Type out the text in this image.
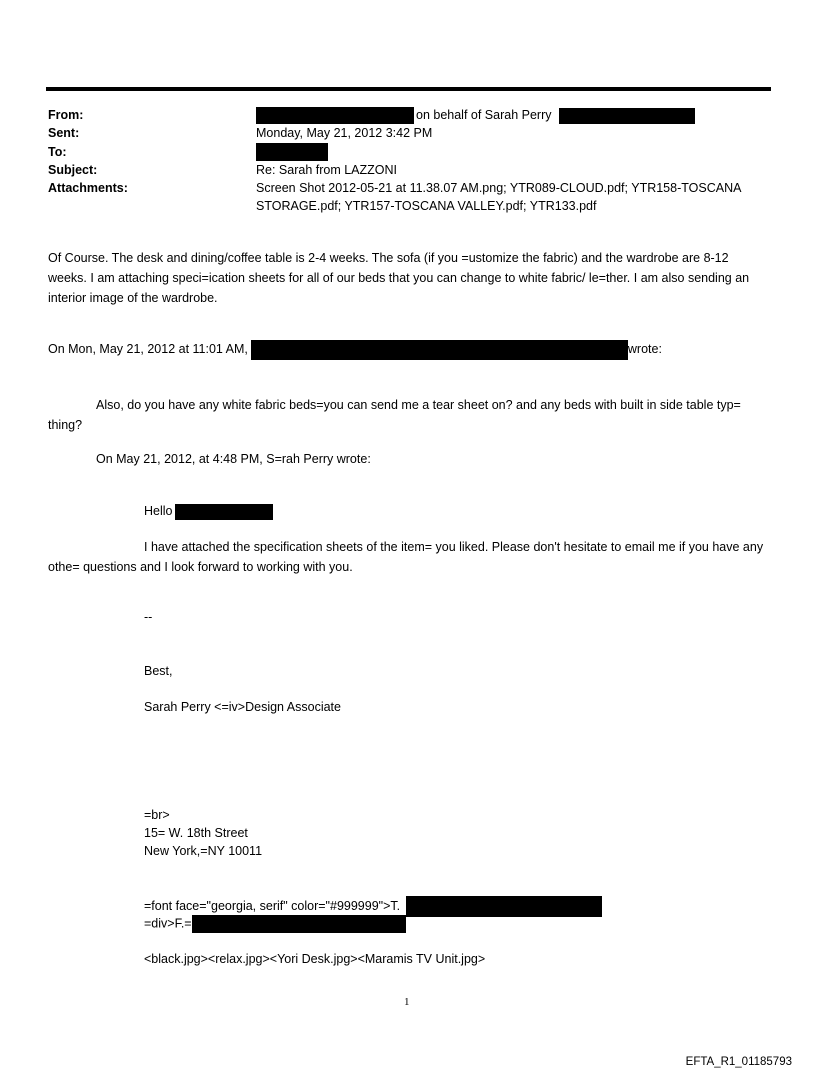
From:
Sent:
To:
Subject:
Attachments:
on behalf of Sarah Perry
Monday, May 21, 2012 3:42 PM
Re: Sarah from LAZZONI
Screen Shot 2012-05-21 at 11.38.07 AM.png; YTR089-CLOUD.pdf; YTR158-TOSCANA
STORAGE.pdf; YTR157-TOSCANA VALLEY.pdf; YTR133.pdf
Of Course. The desk and dining/coffee table is 2-4 weeks. The sofa (if you =ustomize the fabric) and the wardrobe are 8-12 weeks. I am attaching speci=ication sheets for all of our beds that you can change to white fabric/ le=ther. I am also sending an interior image of the wardrobe.
On Mon, May 21, 2012 at 11:01 AM,	wrote:
Also, do you have any white fabric beds=you can send me a tear sheet on? and any beds with built in side table typ= thing?
On May 21, 2012, at 4:48 PM, S=rah Perry wrote:
Hello
I have attached the specification sheets of the item= you liked. Please don't hesitate to email me if you have any othe= questions and I look forward to working with you.
--
Best,
Sarah Perry <=iv>Design Associate
=br>
15= W. 18th Street
New York,=NY 10011
=font face="georgia, serif" color="#999999">T.
=div>F.=
<black.jpg><relax.jpg><Yori Desk.jpg><Maramis TV Unit.jpg>
1
EFTA_R1_01185793
